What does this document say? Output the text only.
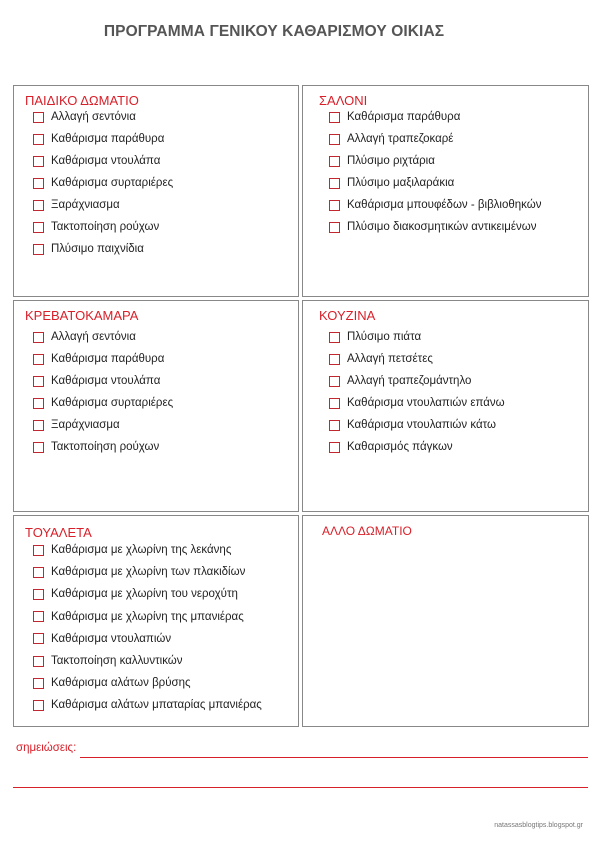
ΠΡΟΓΡΑΜΜΑ ΓΕΝΙΚΟΥ ΚΑΘΑΡΙΣΜΟΥ ΟΙΚΙΑΣ
ΠΑΙΔΙΚΟ ΔΩΜΑΤΙΟ
Αλλαγή σεντόνια
Καθάρισμα παράθυρα
Καθάρισμα ντουλάπα
Καθάρισμα συρταριέρες
Ξαράχνιασμα
Τακτοποίηση ρούχων
Πλύσιμο παιχνίδια
ΣΑΛΟΝΙ
Καθάρισμα παράθυρα
Αλλαγή τραπεζοκαρέ
Πλύσιμο ριχτάρια
Πλύσιμο μαξιλαράκια
Καθάρισμα μπουφέδων - βιβλιοθηκών
Πλύσιμο διακοσμητικών αντικειμένων
ΚΡΕΒΑΤΟΚΑΜΑΡΑ
Αλλαγή σεντόνια
Καθάρισμα παράθυρα
Καθάρισμα ντουλάπα
Καθάρισμα συρταριέρες
Ξαράχνιασμα
Τακτοποίηση ρούχων
ΚΟΥΖΙΝΑ
Πλύσιμο πιάτα
Αλλαγή πετσέτες
Αλλαγή τραπεζομάντηλο
Καθάρισμα ντουλαπιών επάνω
Καθάρισμα ντουλαπιών κάτω
Καθαρισμός πάγκων
ΤΟΥΑΛΕΤΑ
Καθάρισμα με χλωρίνη της λεκάνης
Καθάρισμα με χλωρίνη των πλακιδίων
Καθάρισμα με χλωρίνη του νεροχύτη
Καθάρισμα με χλωρίνη της μπανιέρας
Καθάρισμα ντουλαπιών
Τακτοποίηση καλλυντικών
Καθάρισμα αλάτων βρύσης
Καθάρισμα αλάτων μπαταρίας μπανιέρας
ΑΛΛΟ ΔΩΜΑΤΙΟ
σημειώσεις:
natassasblogtips.blogspot.gr
